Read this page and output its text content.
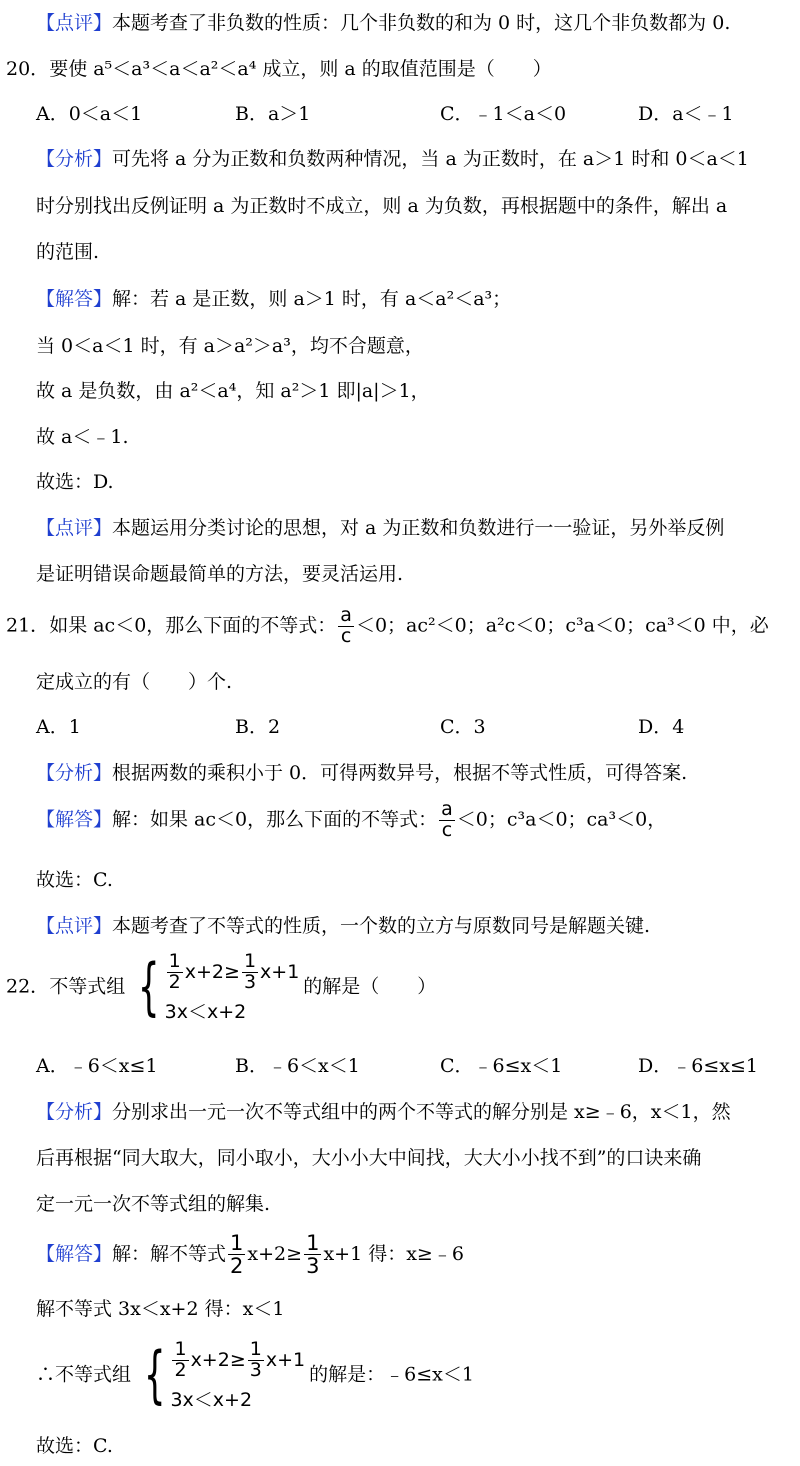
【点评】本题考查了非负数的性质：几个非负数的和为 0 时，这几个非负数都为 0.
20．要使 a⁵＜a³＜a＜a²＜a⁴ 成立，则 a 的取值范围是（　　）
A．0＜a＜1	B．a＞1	C．﹣1＜a＜0	D．a＜﹣1
【分析】可先将 a 分为正数和负数两种情况，当 a 为正数时，在 a＞1 时和 0＜a＜1
时分别找出反例证明 a 为正数时不成立，则 a 为负数，再根据题中的条件，解出 a
的范围.
【解答】解：若 a 是正数，则 a＞1 时，有 a＜a²＜a³；
当 0＜a＜1 时，有 a＞a²＞a³，均不合题意，
故 a 是负数，由 a²＜a⁴，知 a²＞1 即|a|＞1，
故 a＜﹣1.
故选：D.
【点评】本题运用分类讨论的思想，对 a 为正数和负数进行一一验证，另外举反例
是证明错误命题最简单的方法，要灵活运用.
21．如果 ac＜0，那么下面的不等式： $\frac{a}{c} <0$；ac²＜0；a²c＜0；c³a＜0；ca³＜0 中，必
定成立的有（　　）个.
A．1	B．2	C．3	D．4
【分析】根据两数的乘积小于 0．可得两数异号，根据不等式性质，可得答案.
【解答】解：如果 ac＜0，那么下面的不等式： $\frac{a}{c} <0$；c³a＜0；ca³＜0，
故选：C.
【点评】本题考查了不等式的性质，一个数的立方与原数同号是解题关键.
22．不等式组 { $\frac{1}{2} x+2\ge \frac{1}{3} x+1$
3x＜x+2
的解是（　　）
A．﹣6＜x≤1	B．﹣6＜x＜1	C．﹣6≤x＜1	D．﹣6≤x≤1
【分析】分别求出一元一次不等式组中的两个不等式的解分别是 x≥﹣6，x＜1，然
后再根据“同大取大，同小取小，大小小大中间找，大大小小找不到”的口诀来确
定一元一次不等式组的解集.
【解答】解：解不等式 $\frac{1}{2} x+2\ge \frac{1}{3} x+1$ 得：x≥﹣6
解不等式 3x＜x+2 得：x＜1
∴不等式组 { $\frac{1}{2} x+2\ge \frac{1}{3} x+1$
3x＜x+2
的解是：﹣6≤x＜1
故选：C.
